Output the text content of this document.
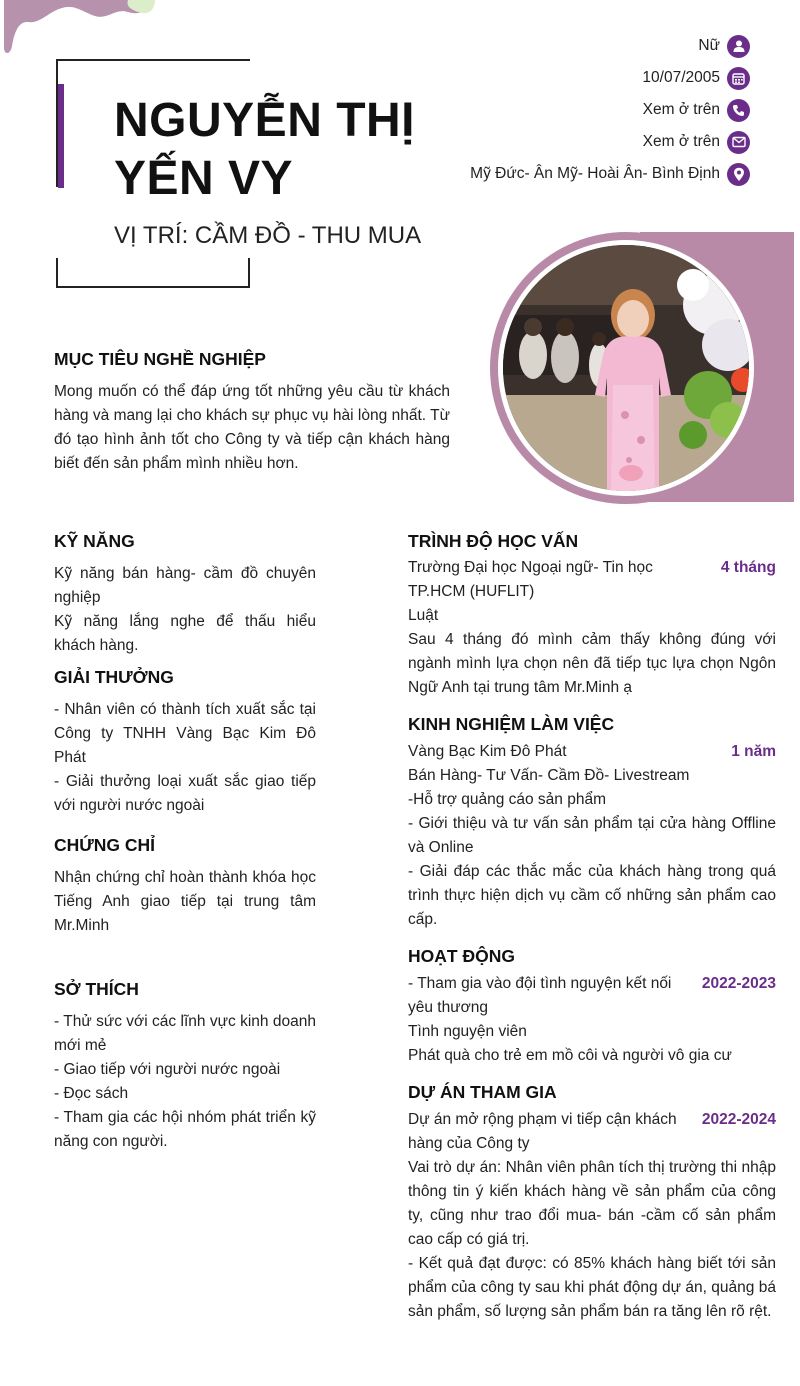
NGUYỄN THỊ
YẾN VY
VỊ TRÍ: CẦM ĐỒ - THU MUA
Nữ
10/07/2005
Xem ở trên
Xem ở trên
Mỹ Đức- Ân Mỹ- Hoài Ân- Bình Định
MỤC TIÊU NGHỀ NGHIỆP
Mong muốn có thể đáp ứng tốt những yêu cầu từ khách hàng và mang lại cho khách sự phục vụ hài lòng nhất. Từ đó tạo hình ảnh tốt cho Công ty và tiếp cận khách hàng biết đến sản phẩm mình nhiều hơn.
KỸ NĂNG
Kỹ năng bán hàng- cầm đồ chuyên nghiệp
Kỹ năng lắng nghe để thấu hiểu khách hàng.
GIẢI THƯỞNG
- Nhân viên có thành tích xuất sắc tại Công ty TNHH Vàng Bạc Kim Đô Phát
- Giải thưởng loại xuất sắc giao tiếp với người nước ngoài
CHỨNG CHỈ
Nhận chứng chỉ hoàn thành khóa học Tiếng Anh giao tiếp tại trung tâm Mr.Minh
SỞ THÍCH
- Thử sức với các lĩnh vực kinh doanh mới mẻ
- Giao tiếp với người nước ngoài
- Đọc sách
- Tham gia các hội nhóm phát triển kỹ năng con người.
TRÌNH ĐỘ HỌC VẤN
Trường Đại học Ngoại ngữ- Tin học TP.HCM (HUFLIT)
4 tháng
Luật
Sau 4 tháng đó mình cảm thấy không đúng với ngành mình lựa chọn nên đã tiếp tục lựa chọn Ngôn Ngữ Anh tại trung tâm Mr.Minh ạ
KINH NGHIỆM LÀM VIỆC
Vàng Bạc Kim Đô Phát	1 năm
Bán Hàng- Tư Vấn- Cầm Đồ- Livestream
-Hỗ trợ quảng cáo sản phẩm
- Giới thiệu và tư vấn sản phẩm tại cửa hàng Offline và Online
- Giải đáp các thắc mắc của khách hàng trong quá trình thực hiện dịch vụ cầm cố những sản phẩm cao cấp.
HOẠT ĐỘNG
- Tham gia vào đội tình nguyện kết nối yêu thương
2022-2023
Tình nguyện viên
Phát quà cho trẻ em mồ côi và người vô gia cư
DỰ ÁN THAM GIA
Dự án mở rộng phạm vi tiếp cận khách hàng của Công ty
2022-2024
Vai trò dự án: Nhân viên phân tích thị trường thi nhập thông tin ý kiến khách hàng về sản phẩm của công ty, cũng như trao đổi mua- bán -cầm cố sản phẩm cao cấp có giá trị.
- Kết quả đạt được: có 85% khách hàng biết tới sản phẩm của công ty sau khi phát động dự án, quảng bá sản phẩm, số lượng sản phẩm bán ra tăng lên rõ rệt.
